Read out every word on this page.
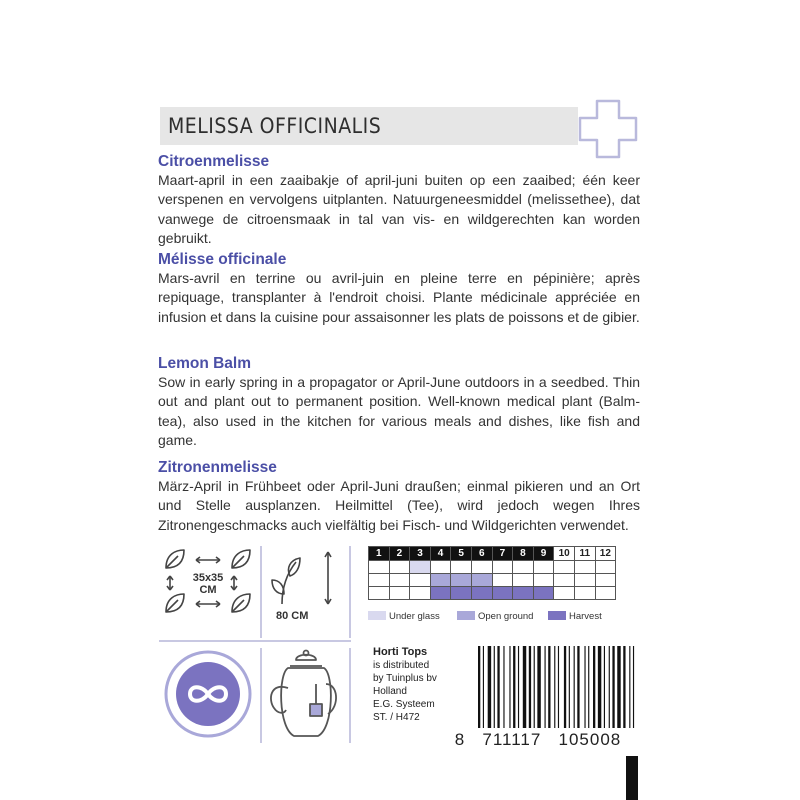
MELISSA OFFICINALIS
Citroenmelisse

Maart-april in een zaaibakje of april-juni buiten op een zaaibed; één keer verspenen en vervolgens uitplanten. Natuurgeneesmiddel (melissethee), dat vanwege de citroensmaak in tal van vis- en wildgerechten kan worden gebruikt.

Mélisse officinale

Mars-avril en terrine ou avril-juin en pleine terre en pépinière; après repiquage, transplanter à l'endroit choisi. Plante médicinale appréciée en infusion et dans la cuisine pour assaisonner les plats de poissons et de gibier.

Lemon Balm

Sow in early spring in a propagator or April-June outdoors in a seedbed. Thin out and plant out to permanent position. Well-known medical plant (Balm-tea), also used in the kitchen for various meals and dishes, like fish and game.

Zitronenmelisse

März-April in Frühbeet oder April-Juni draußen; einmal pikieren und an Ort und Stelle ausplanzen. Heilmittel (Tee), wird jedoch wegen Ihres Zitronengeschmacks auch vielfältig bei Fisch- und Wildgerichten verwendet.

35x35
CM
80 CM
1	2	3	4	5	6	7	8	9	10	11	12

Under glass	Open ground	Harvest
Horti Tops
is distributed
by Tuinplus bv
Holland
E.G. Systeem
ST. / H472
8   711117   105008
